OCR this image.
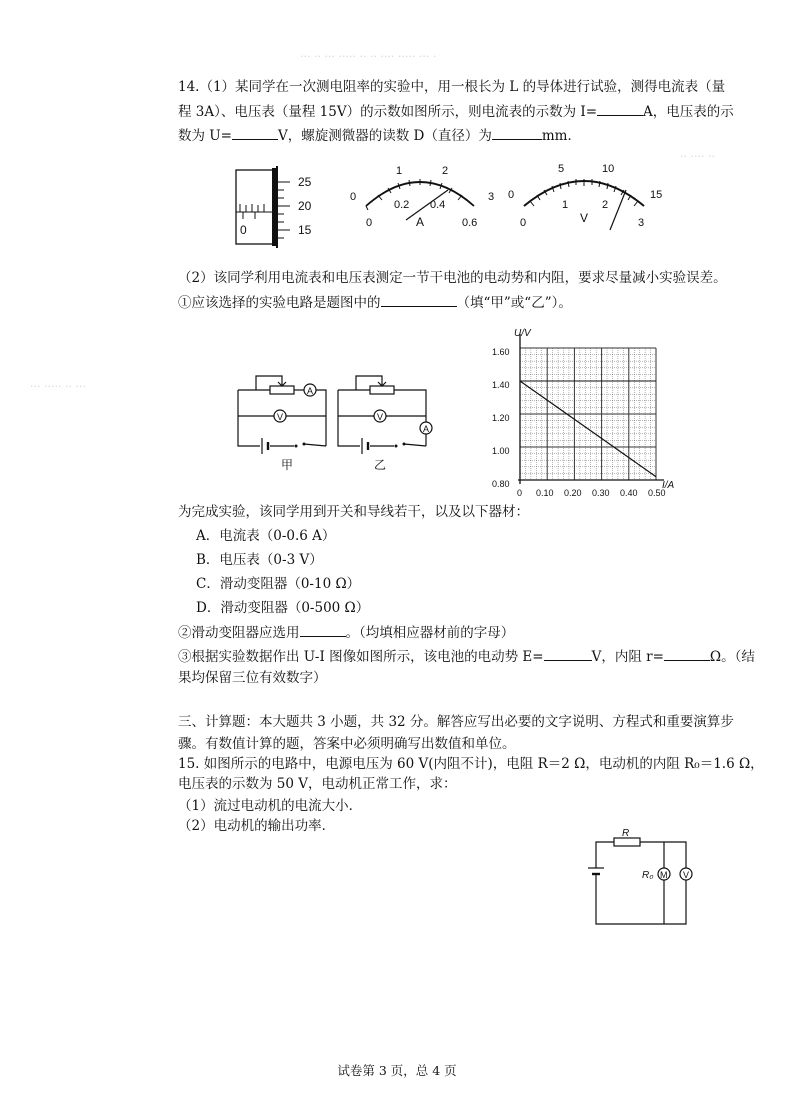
··· ·· ··· ····· ·· ·· ···· ····· ··· ·
·· ···· ··
··· ····· ·· ···
14.（1）某同学在一次测电阻率的实验中，用一根长为 L 的导体进行试验，测得电流表（量
程 3A）、电压表（量程 15V）的示数如图所示，则电流表的示数为 I=	A，电压表的示
数为 U=	V，螺旋测微器的读数 D（直径）为	mm．
25
20
15
0
0
1	2
3
0
0.2 0.4
0.6
A
0
5	10
15
0
1	2
3
V
（2）该同学利用电流表和电压表测定一节干电池的电动势和内阻，要求尽量减小实验误差。
①应该选择的实验电路是题图中的	（填“甲”或“乙”）。
A
V
甲
A
V
乙
U/V
I/A
1.60
1.40
1.20
1.00
0.80
0 0.10 0.20 0.30 0.40 0.50
为完成实验，该同学用到开关和导线若干，以及以下器材：
A．电流表（0-0.6 A）
B．电压表（0-3 V）
C．滑动变阻器（0-10 Ω）
D．滑动变阻器（0-500 Ω）
②滑动变阻器应选用	。（均填相应器材前的字母）
③根据实验数据作出 U-I 图像如图所示，该电池的电动势 E=	V，内阻 r=	Ω。（结
果均保留三位有效数字）
三、计算题：本大题共 3 小题，共 32 分。解答应写出必要的文字说明、方程式和重要演算步
骤。有数值计算的题，答案中必须明确写出数值和单位。
15. 如图所示的电路中，电源电压为 60 V(内阻不计)，电阻 R＝2 Ω，电动机的内阻 R₀＝1.6 Ω，
电压表的示数为 50 V，电动机正常工作，求：
（1）流过电动机的电流大小．
（2）电动机的输出功率．	R
R₀ M V
试卷第 3 页，总 4 页
